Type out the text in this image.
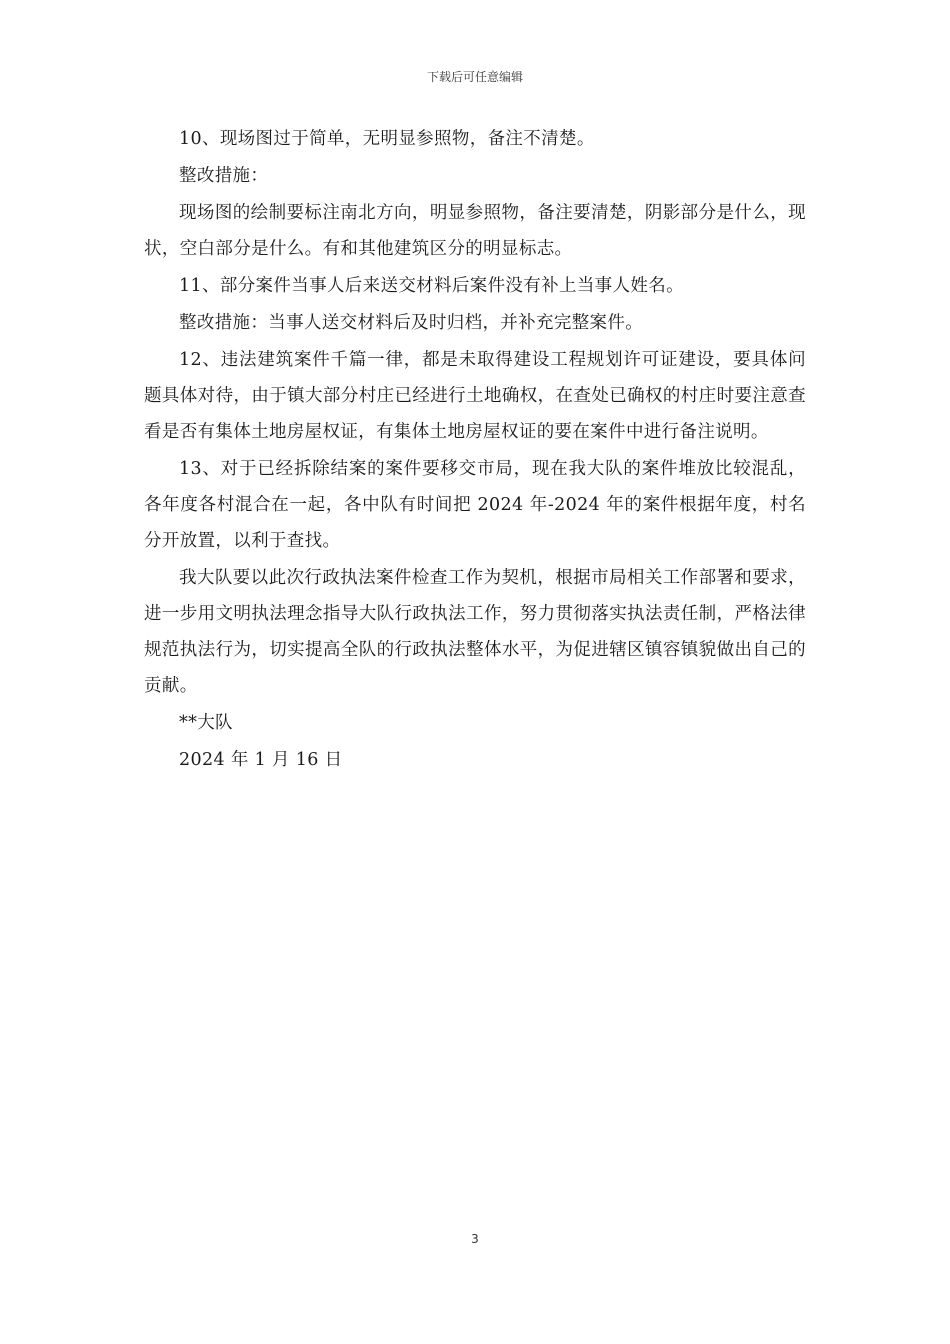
下载后可任意编辑

10、现场图过于简单，无明显参照物，备注不清楚。

整改措施：

现场图的绘制要标注南北方向，明显参照物，备注要清楚，阴影部分是什么，现状，空白部分是什么。有和其他建筑区分的明显标志。

11、部分案件当事人后来送交材料后案件没有补上当事人姓名。

整改措施：当事人送交材料后及时归档，并补充完整案件。

12、违法建筑案件千篇一律，都是未取得建设工程规划许可证建设，要具体问题具体对待，由于镇大部分村庄已经进行土地确权，在查处已确权的村庄时要注意查看是否有集体土地房屋权证，有集体土地房屋权证的要在案件中进行备注说明。

13、对于已经拆除结案的案件要移交市局，现在我大队的案件堆放比较混乱，各年度各村混合在一起，各中队有时间把 2024 年-2024 年的案件根据年度，村名分开放置，以利于查找。

我大队要以此次行政执法案件检查工作为契机，根据市局相关工作部署和要求，进一步用文明执法理念指导大队行政执法工作，努力贯彻落实执法责任制，严格法律规范执法行为，切实提高全队的行政执法整体水平，为促进辖区镇容镇貌做出自己的贡献。

**大队

2024 年 1 月 16 日

3
